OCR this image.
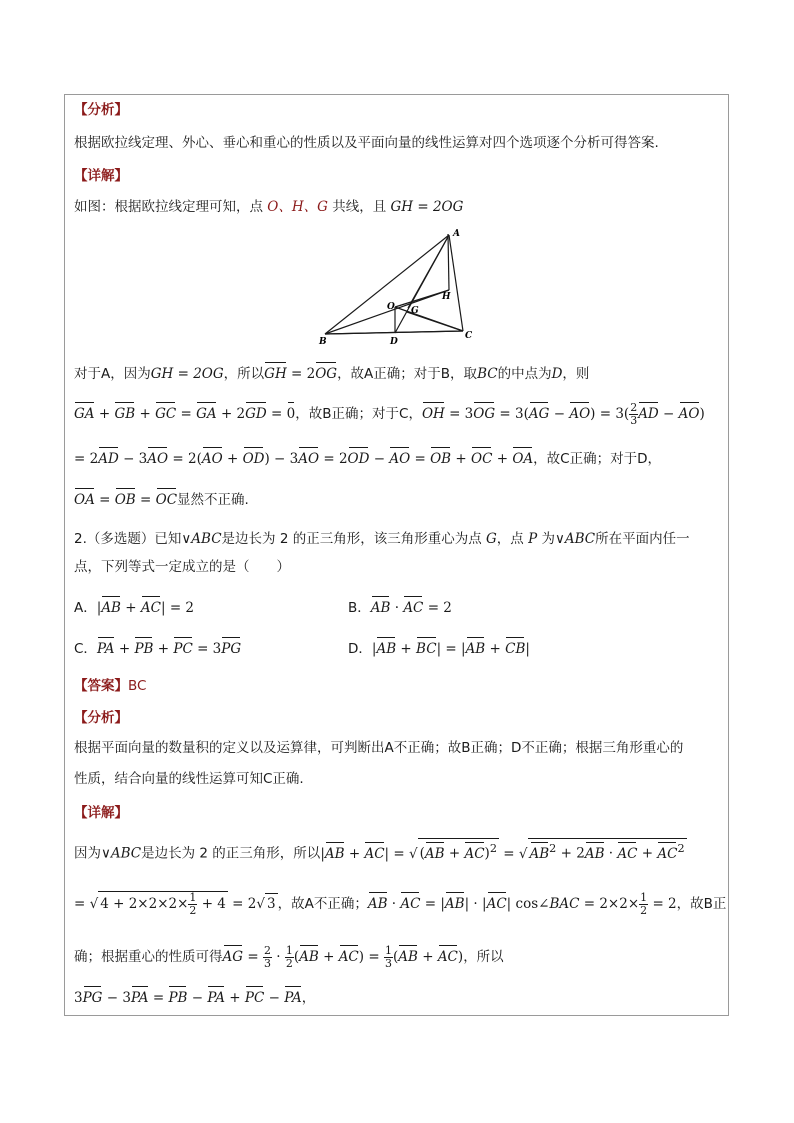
【分析】
根据欧拉线定理、外心、垂心和重心的性质以及平面向量的线性运算对四个选项逐个分析可得答案.
【详解】
如图：根据欧拉线定理可知，点 O、H、G 共线，且 GH = 2OG
A
H
O G
B	D
C
对于A，因为GH = 2OG，所以GH = 2OG，故A正确；对于B，取BC的中点为D，则
GA + GB + GC = GA + 2GD = 0，故B正确；对于C，OH = $3OG = 3(AG - AO) = 3( \frac{2}{3}$ AD − AO)
= 2AD − 3AO = 2(AO + OD) − 3AO = 2OD − AO = OB + OC + OA，故C正确；对于D，
OA = OB = OC显然不正确.
2.（多选题）已知∨ABC是边长为 2 的正三角形，该三角形重心为点 G，点 P 为∨ABC所在平面内任一
点，下列等式一定成立的是（　　）
A．|AB + AC| = 2	B．AB · AC = 2
C．PA + PB + PC = 3PG	D．|AB + BC| = |AB + CB|
【答案】BC
【分析】
根据平面向量的数量积的定义以及运算律，可判断出A不正确；故B正确；D不正确；根据三角形重心的
性质，结合向量的线性运算可知C正确.
【详解】
因为∨ABC是边长为 2 的正三角形，所以|AB + AC| = √ (AB + AC)$^2$ = √ $AB^2 + 2AB$ · AC + $AC^2$
= √ $4 + 2\times 2\times 2\times \frac{1}{2} + 4 = 2√$ 3 ，故A不正确；AB · AC = |AB| · |AC| cos∠BAC = $2\times 2\times \frac{1}{2} = 2$，故B正
确；根据重心的性质可得AG = $\frac{2}{3} \cdot \frac{1}{2} (AB + AC) = \frac{1}{3} (AB + AC)$，所以
3PG − 3PA = PB − PA + PC − PA，
